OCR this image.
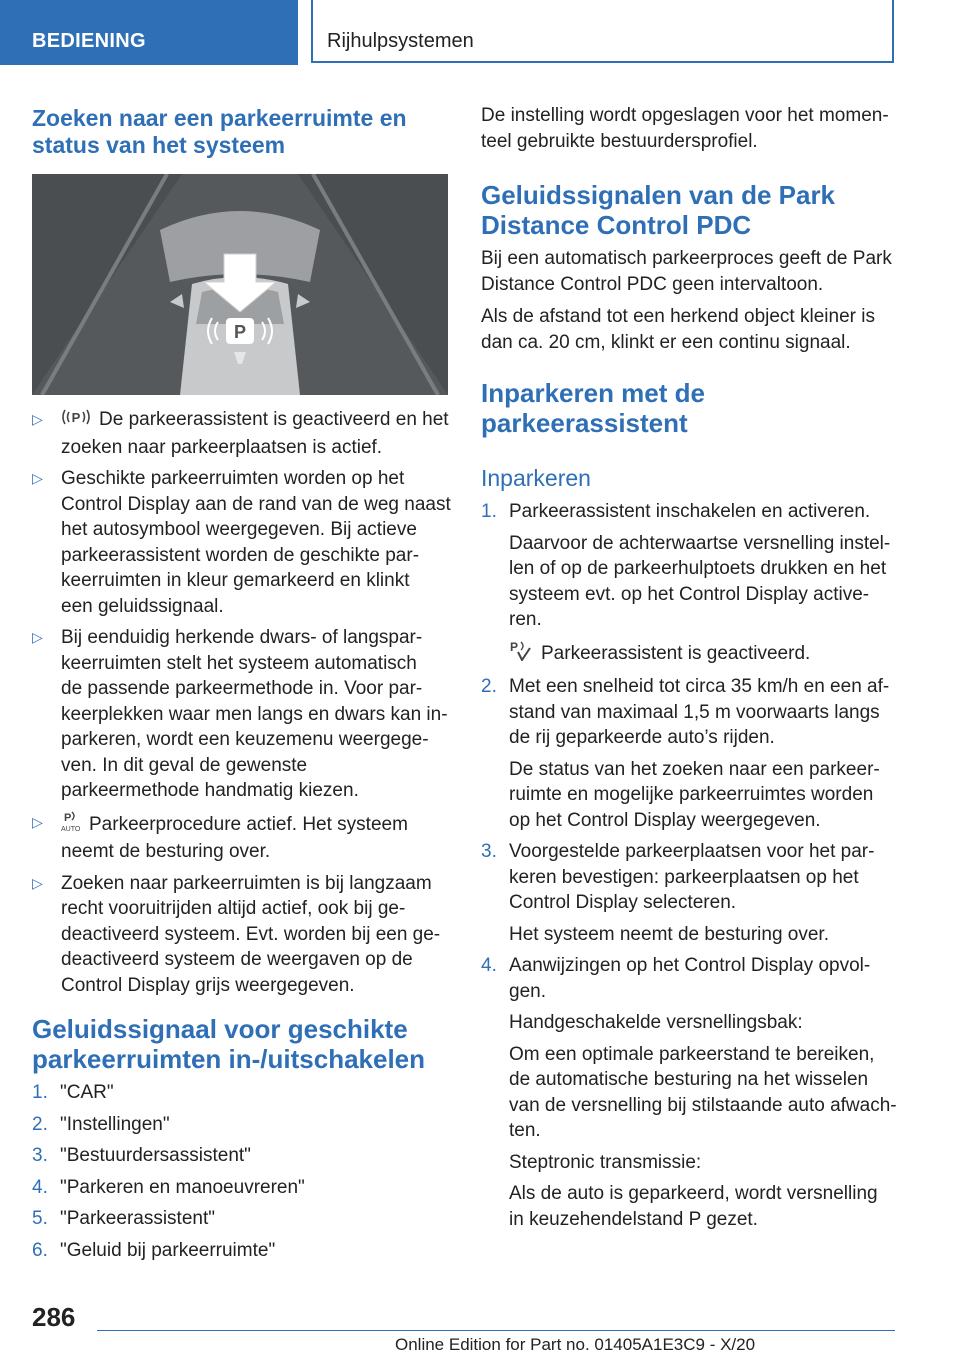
BEDIENING	Rijhulpsystemen
Zoeken naar een parkeerruimte en
status van het systeem
P
▷ P De parkeerassistent is geactiveerd en het
zoeken naar parkeerplaatsen is actief.
▷ Geschikte parkeerruimten worden op het
Control Display aan de rand van de weg naast
het autosymbool weergegeven. Bij actieve
parkeerassistent worden de geschikte par-
keerruimten in kleur gemarkeerd en klinkt
een geluidssignaal.
▷ Bij eenduidig herkende dwars- of langspar-
keerruimten stelt het systeem automatisch
de passende parkeermethode in. Voor par-
keerplekken waar men langs en dwars kan in-
parkeren, wordt een keuzemenu weergege-
ven. In dit geval de gewenste
parkeermethode handmatig kiezen.
▷ P
AUTO Parkeerprocedure actief. Het systeem
neemt de besturing over.
▷ Zoeken naar parkeerruimten is bij langzaam
recht vooruitrijden altijd actief, ook bij ge-
deactiveerd systeem. Evt. worden bij een ge-
deactiveerd systeem de weergaven op de
Control Display grijs weergegeven.
Geluidssignaal voor geschikte
parkeerruimten in-/uitschakelen
1. "CAR"
2. "Instellingen"
3. "Bestuurdersassistent"
4. "Parkeren en manoeuvreren"
5. "Parkeerassistent"
6. "Geluid bij parkeerruimte"

De instelling wordt opgeslagen voor het momen-

teel gebruikte bestuurdersprofiel.

Geluidssignalen van de Park
Distance Control PDC

Bij een automatisch parkeerproces geeft de Park

Distance Control PDC geen intervaltoon.

Als de afstand tot een herkend object kleiner is

dan ca. 20 cm, klinkt er een continu signaal.

Inparkeren met de
parkeerassistent
Inparkeren
1. Parkeerassistent inschakelen en activeren.
Daarvoor de achterwaartse versnelling instel-
len of op de parkeerhulptoets drukken en het
systeem evt. op het Control Display active-
ren.
P Parkeerassistent is geactiveerd.
2. Met een snelheid tot circa 35 km/h en een af-
stand van maximaal 1,5 m voorwaarts langs
de rij geparkeerde auto’s rijden.
De status van het zoeken naar een parkeer-
ruimte en mogelijke parkeerruimtes worden
op het Control Display weergegeven.
3. Voorgestelde parkeerplaatsen voor het par-
keren bevestigen: parkeerplaatsen op het
Control Display selecteren.
Het systeem neemt de besturing over.
4. Aanwijzingen op het Control Display opvol-
gen.
Handgeschakelde versnellingsbak:
Om een optimale parkeerstand te bereiken,
de automatische besturing na het wisselen
van de versnelling bij stilstaande auto afwach-
ten.
Steptronic transmissie:
Als de auto is geparkeerd, wordt versnelling
in keuzehendelstand P gezet.
286
Online Edition for Part no. 01405A1E3C9 - X/20
